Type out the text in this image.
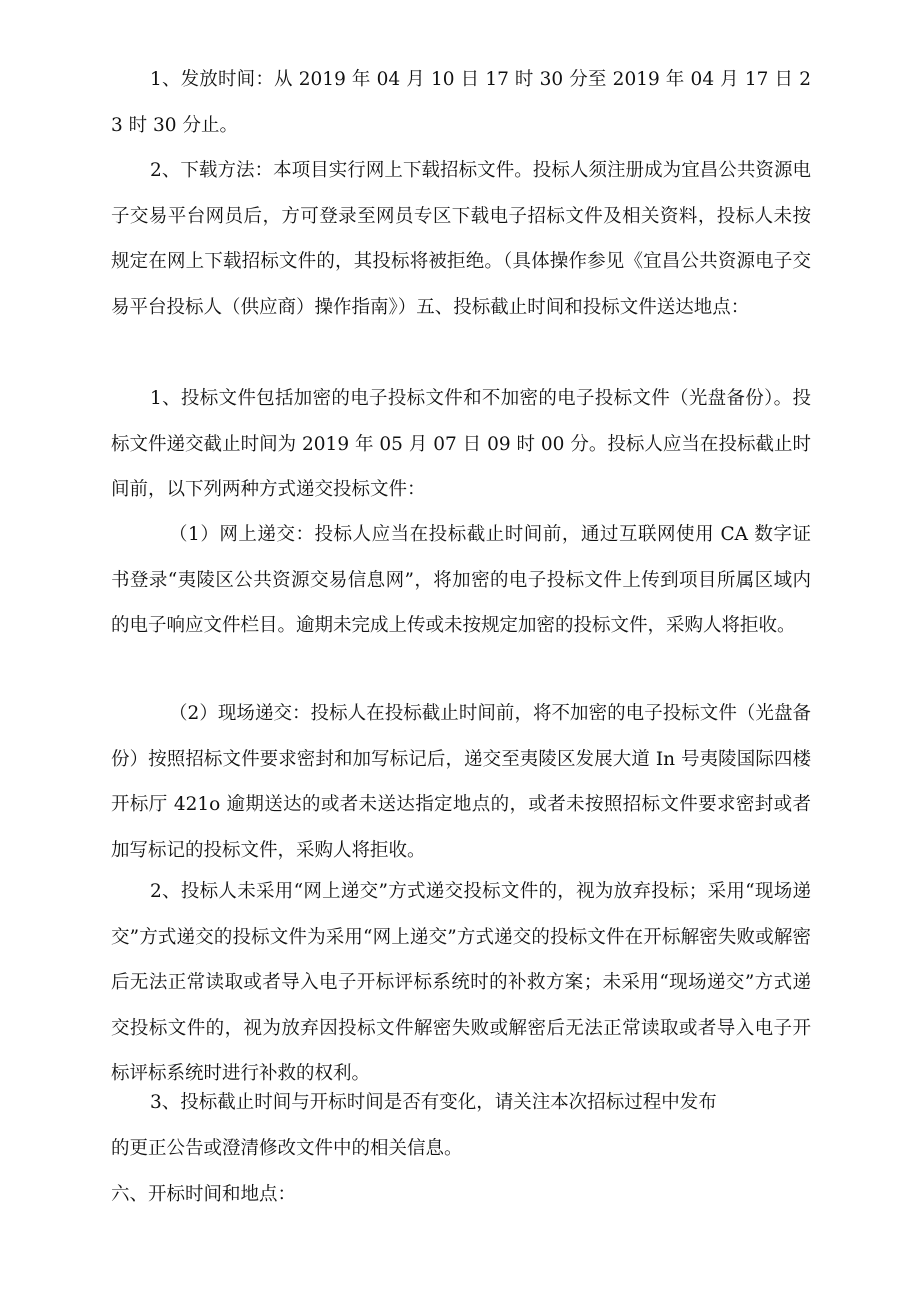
1、发放时间：从 2019 年 04 月 10 日 17 时 30 分至 2019 年 04 月 17 日 23 时 30 分止。

2、下载方法：本项目实行网上下载招标文件。投标人须注册成为宜昌公共资源电子交易平台网员后，方可登录至网员专区下载电子招标文件及相关资料，投标人未按规定在网上下载招标文件的，其投标将被拒绝。（具体操作参见《宜昌公共资源电子交易平台投标人（供应商）操作指南》）五、投标截止时间和投标文件送达地点：

1、投标文件包括加密的电子投标文件和不加密的电子投标文件（光盘备份）。投标文件递交截止时间为 2019 年 05 月 07 日 09 时 00 分。投标人应当在投标截止时间前，以下列两种方式递交投标文件：

（1）网上递交：投标人应当在投标截止时间前，通过互联网使用 CA 数字证书登录“夷陵区公共资源交易信息网”，将加密的电子投标文件上传到项目所属区域内的电子响应文件栏目。逾期未完成上传或未按规定加密的投标文件，采购人将拒收。

（2）现场递交：投标人在投标截止时间前，将不加密的电子投标文件（光盘备份）按照招标文件要求密封和加写标记后，递交至夷陵区发展大道 In 号夷陵国际四楼开标厅 421o 逾期送达的或者未送达指定地点的，或者未按照招标文件要求密封或者加写标记的投标文件，采购人将拒收。

2、投标人未采用“网上递交”方式递交投标文件的，视为放弃投标；采用“现场递交”方式递交的投标文件为采用“网上递交”方式递交的投标文件在开标解密失败或解密后无法正常读取或者导入电子开标评标系统时的补救方案；未采用“现场递交”方式递交投标文件的，视为放弃因投标文件解密失败或解密后无法正常读取或者导入电子开标评标系统时进行补救的权利。

3、投标截止时间与开标时间是否有变化，请关注本次招标过程中发布

的更正公告或澄清修改文件中的相关信息。

六、开标时间和地点：
